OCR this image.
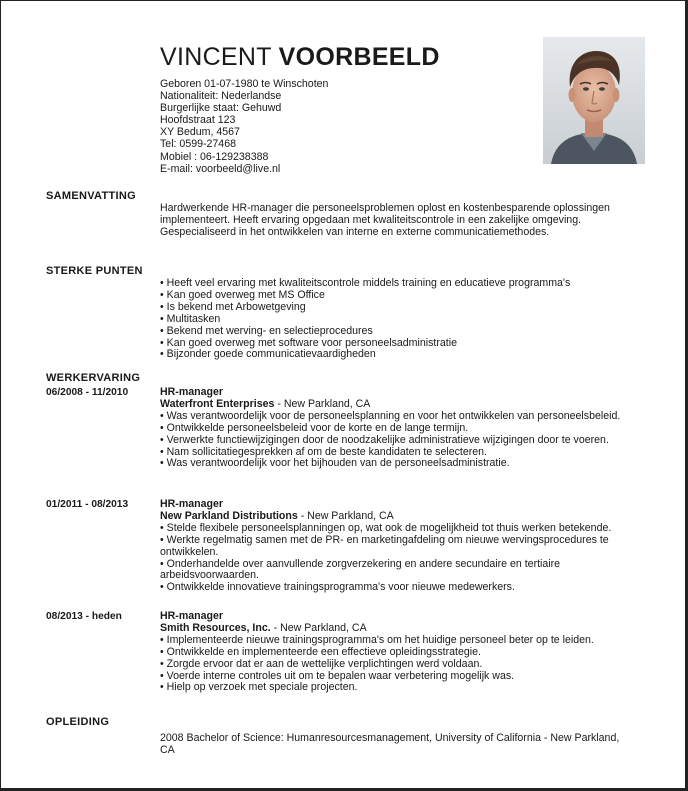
VINCENT VOORBEELD
Geboren 01-07-1980 te Winschoten
Nationaliteit: Nederlandse
Burgerlijke staat: Gehuwd
Hoofdstraat 123
XY Bedum, 4567
Tel: 0599-27468
Mobiel : 06-129238388
E-mail: voorbeeld@live.nl
SAMENVATTING
Hardwerkende HR-manager die personeelsproblemen oplost en kostenbesparende oplossingen implementeert. Heeft ervaring opgedaan met kwaliteitscontrole in een zakelijke omgeving. Gespecialiseerd in het ontwikkelen van interne en externe communicatiemethodes.
STERKE PUNTEN
• Heeft veel ervaring met kwaliteitscontrole middels training en educatieve programma's
• Kan goed overweg met MS Office
• Is bekend met Arbowetgeving
• Multitasken
• Bekend met werving- en selectieprocedures
• Kan goed overweg met software voor personeelsadministratie
• Bijzonder goede communicatievaardigheden
WERKERVARING
06/2008 - 11/2010	HR-manager
Waterfront Enterprises - New Parkland, CA
• Was verantwoordelijk voor de personeelsplanning en voor het ontwikkelen van personeelsbeleid.
• Ontwikkelde personeelsbeleid voor de korte en de lange termijn.
• Verwerkte functiewijzigingen door de noodzakelijke administratieve wijzigingen door te voeren.
• Nam sollicitatiegesprekken af om de beste kandidaten te selecteren.
• Was verantwoordelijk voor het bijhouden van de personeelsadministratie.
01/2011 - 08/2013	HR-manager
New Parkland Distributions - New Parkland, CA
• Stelde flexibele personeelsplanningen op, wat ook de mogelijkheid tot thuis werken betekende.
• Werkte regelmatig samen met de PR- en marketingafdeling om nieuwe wervingsprocedures te ontwikkelen.
• Onderhandelde over aanvullende zorgverzekering en andere secundaire en tertiaire arbeidsvoorwaarden.
• Ontwikkelde innovatieve trainingsprogramma's voor nieuwe medewerkers.
08/2013 - heden	HR-manager
Smith Resources, Inc. - New Parkland, CA
• Implementeerde nieuwe trainingsprogramma's om het huidige personeel beter op te leiden.
• Ontwikkelde en implementeerde een effectieve opleidingsstrategie.
• Zorgde ervoor dat er aan de wettelijke verplichtingen werd voldaan.
• Voerde interne controles uit om te bepalen waar verbetering mogelijk was.
• Hielp op verzoek met speciale projecten.
OPLEIDING
2008 Bachelor of Science: Humanresourcesmanagement, University of California - New Parkland, CA
